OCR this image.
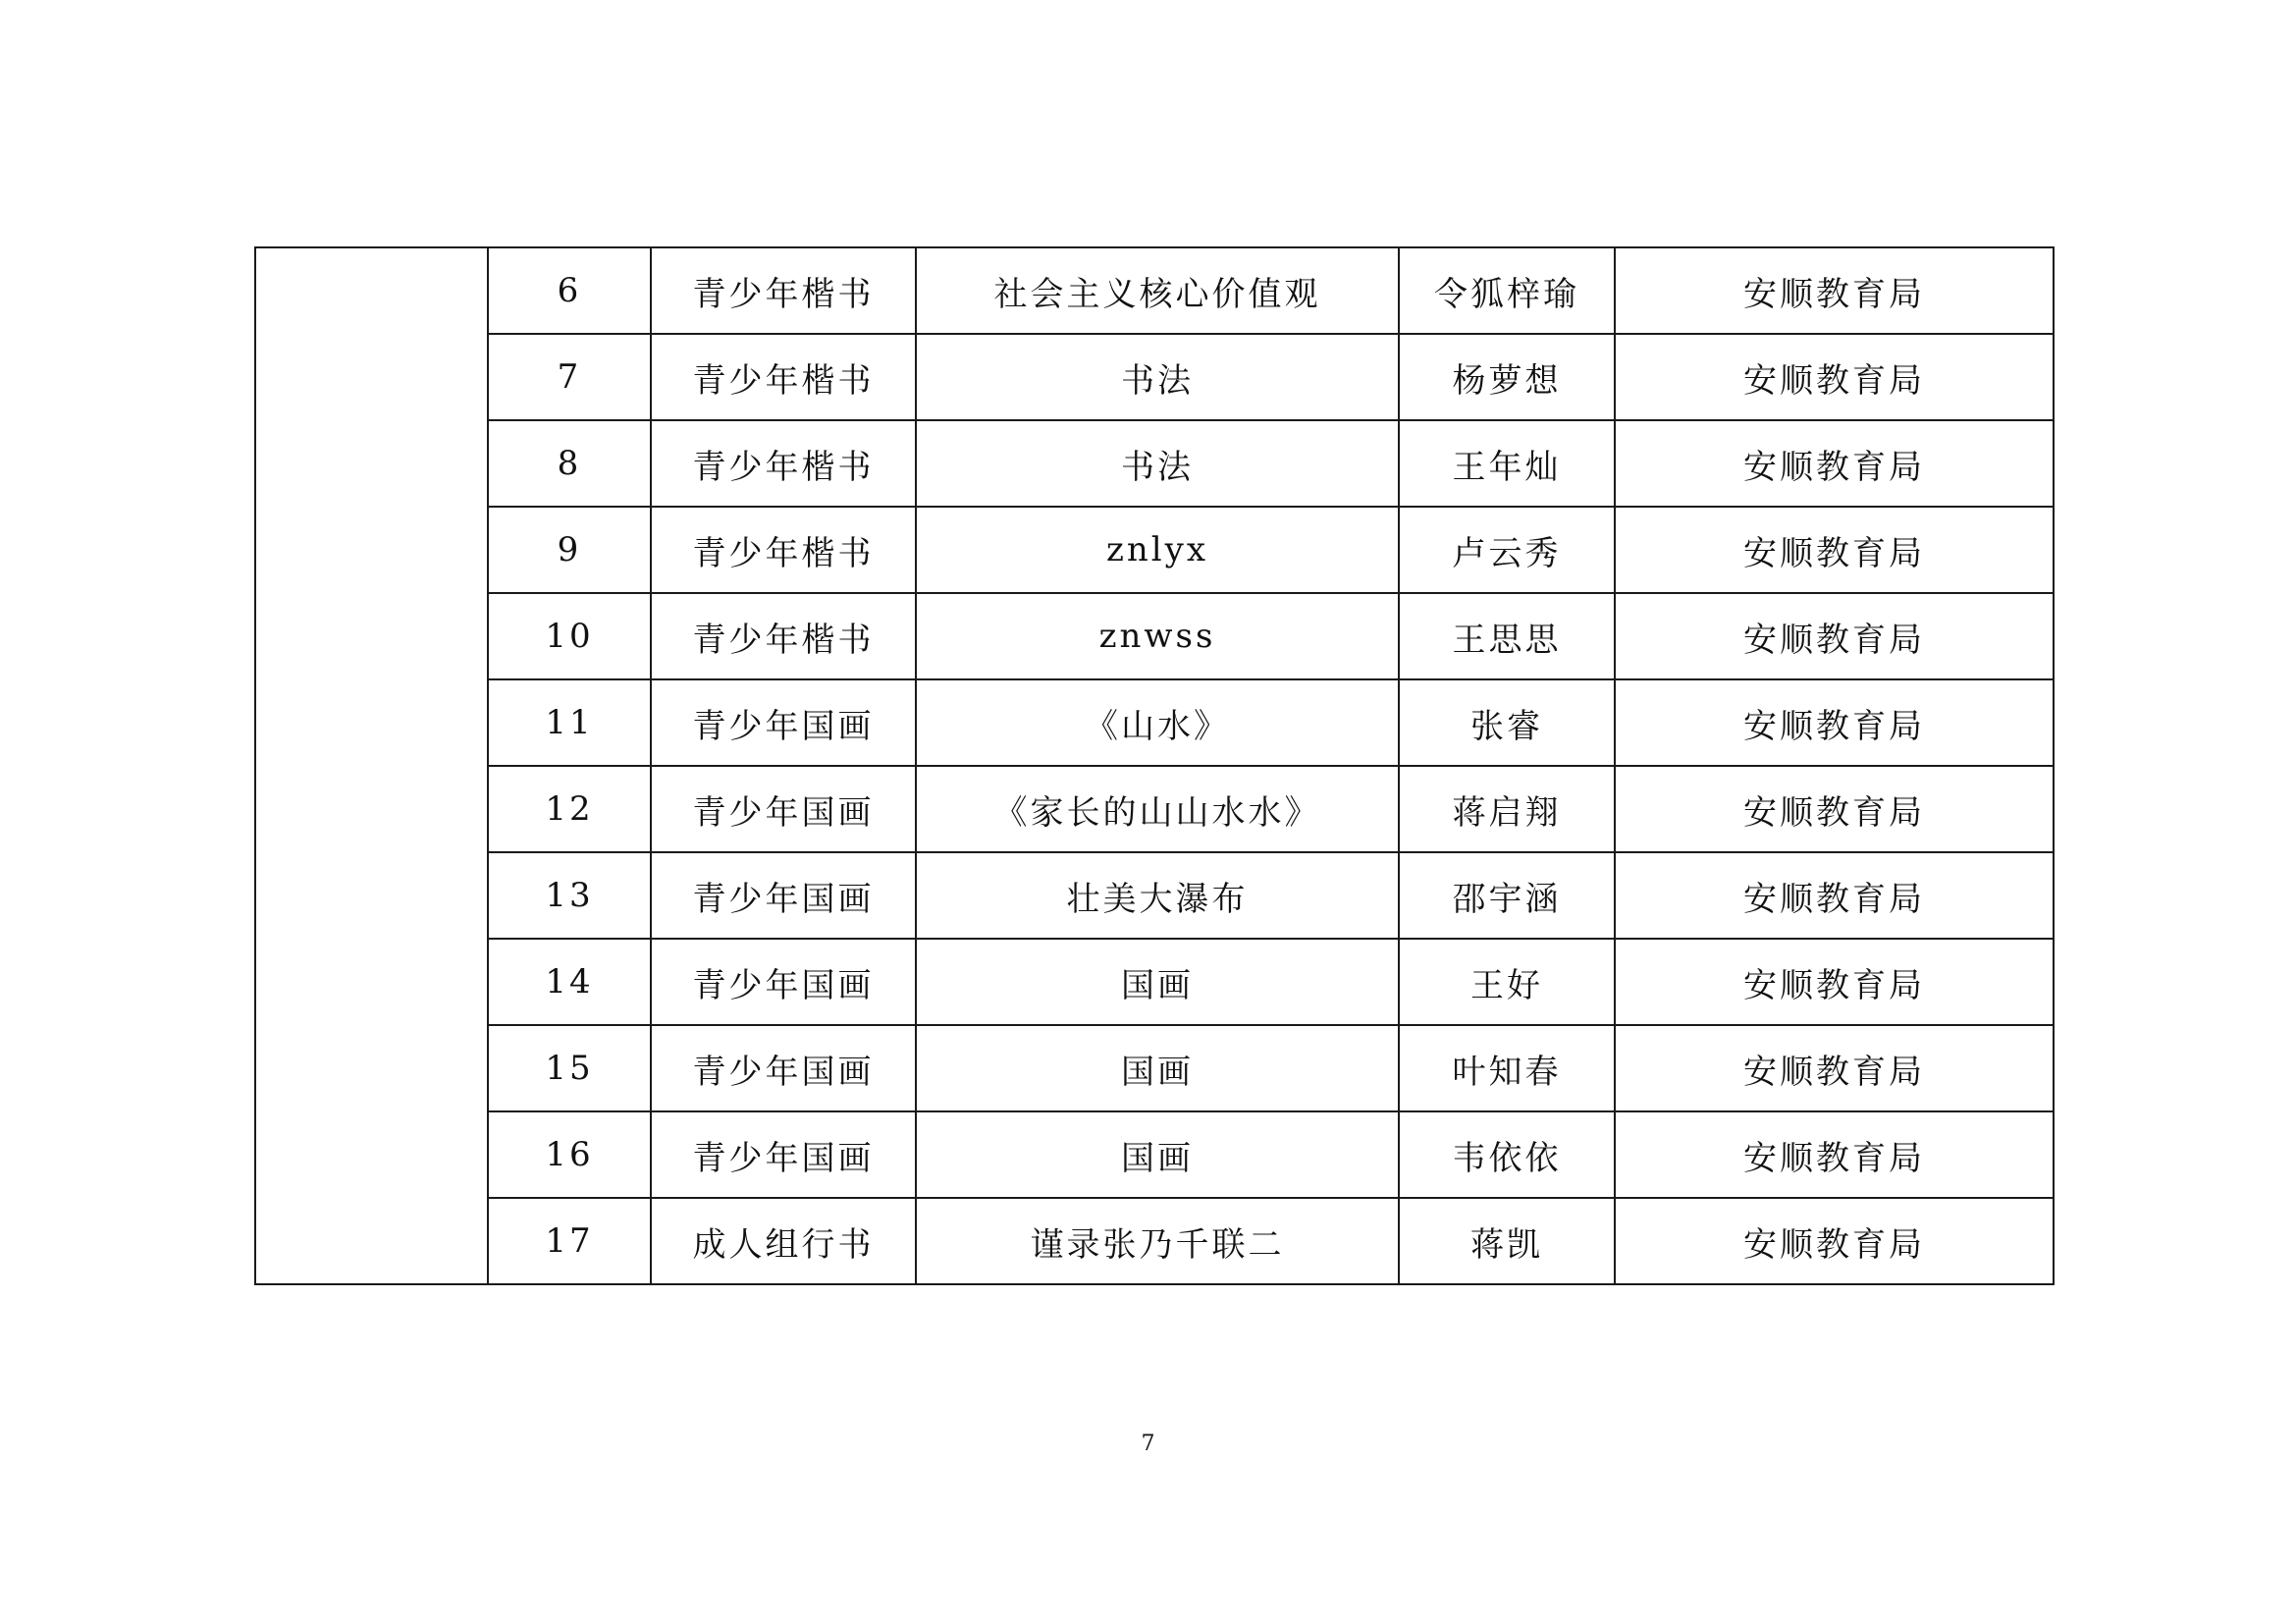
	6	青少年楷书	社会主义核心价值观	令狐梓瑜	安顺教育局
	7	青少年楷书	书法	杨萝想	安顺教育局
	8	青少年楷书	书法	王年灿	安顺教育局
	9	青少年楷书	znlyx	卢云秀	安顺教育局
	10	青少年楷书	znwss	王思思	安顺教育局
	11	青少年国画	《山水》	张睿	安顺教育局
	12	青少年国画	《家长的山山水水》	蒋启翔	安顺教育局
	13	青少年国画	壮美大瀑布	邵宇涵	安顺教育局
	14	青少年国画	国画	王好	安顺教育局
	15	青少年国画	国画	叶知春	安顺教育局
	16	青少年国画	国画	韦依依	安顺教育局
	17	成人组行书	谨录张乃千联二	蒋凯	安顺教育局
7
